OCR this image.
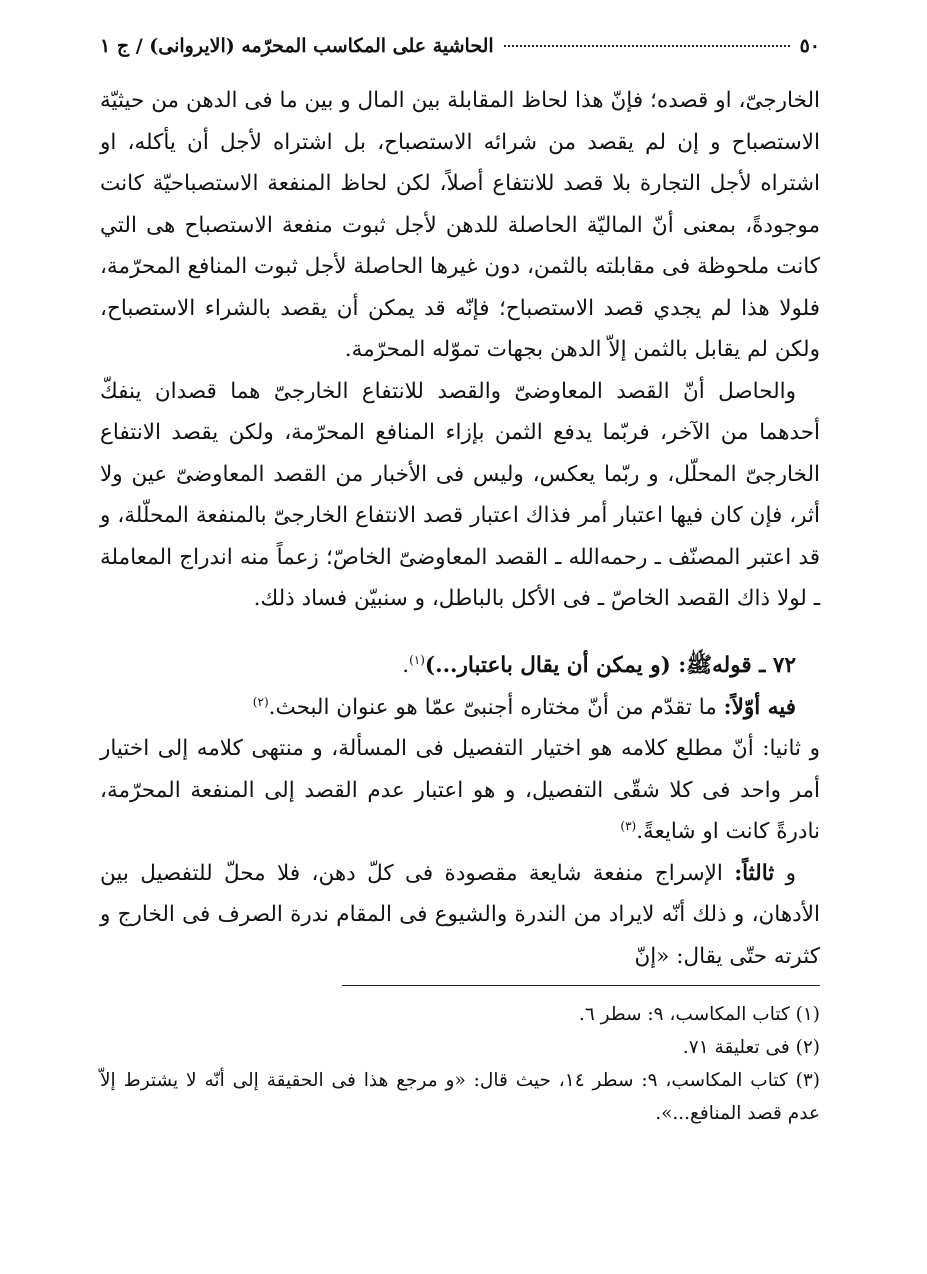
٥٠
الحاشية على المكاسب المحرّمه (الايروانى) / ج ١

الخارجىّ، او قصده؛ فإنّ هذا لحاظ المقابلة بين المال و بين ما فى الدهن من حيثيّة الاستصباح و إن لم يقصد من شرائه الاستصباح، بل اشتراه لأجل أن يأكله، او اشتراه لأجل التجارة بلا قصد للانتفاع أصلاً، لكن لحاظ المنفعة الاستصباحيّة كانت موجودةً، بمعنى أنّ الماليّة الحاصلة للدهن لأجل ثبوت منفعة الاستصباح هى التي كانت ملحوظة فى مقابلته بالثمن، دون غيرها الحاصلة لأجل ثبوت المنافع المحرّمة، فلولا هذا لم يجدي قصد الاستصباح؛ فإنّه قد يمكن أن يقصد بالشراء الاستصباح، ولكن لم يقابل بالثمن إلاّ الدهن بجهات تموّله المحرّمة.

والحاصل أنّ القصد المعاوضىّ والقصد للانتفاع الخارجىّ هما قصدان ينفكّ أحدهما من الآخر، فربّما يدفع الثمن بإزاء المنافع المحرّمة، ولكن يقصد الانتفاع الخارجىّ المحلّل، و ربّما يعكس، وليس فى الأخبار من القصد المعاوضىّ عين ولا أثر، فإن كان فيها اعتبار أمر فذاك اعتبار قصد الانتفاع الخارجىّ بالمنفعة المحلّلة، و قد اعتبر المصنّف ـ رحمه‌الله ـ القصد المعاوضىّ الخاصّ؛ زعماً منه اندراج المعاملة ـ لولا ذاك القصد الخاصّ ـ فى الأكل بالباطل، و سنبيّن فساد ذلك.

٧٢ ـ قولهﷺ: (و يمكن أن يقال باعتبار...)$^{(١)}$.

فيه أوّلاً: ما تقدّم من أنّ مختاره أجنبىّ عمّا هو عنوان البحث.$^{(٢)}$

و ثانيا: أنّ مطلع كلامه هو اختيار التفصيل فى المسألة، و منتهى كلامه إلى اختيار أمر واحد فى كلا شقّى التفصيل، و هو اعتبار عدم القصد إلى المنفعة المحرّمة، نادرةً كانت او شايعةً.$^{(٣)}$

و ثالثاً: الإسراج منفعة شايعة مقصودة فى كلّ دهن، فلا محلّ للتفصيل بين الأدهان، و ذلك أنّه لايراد من الندرة والشيوع فى المقام ندرة الصرف فى الخارج و كثرته حتّى يقال: «إنّ

(١) كتاب المكاسب، ٩: سطر ٦.

(٢) فى تعليقة ٧١.

(٣) كتاب المكاسب، ٩: سطر ١٤، حيث قال: «و مرجع هذا فى الحقيقة إلى أنّه لا يشترط إلاّ عدم قصد المنافع...».
